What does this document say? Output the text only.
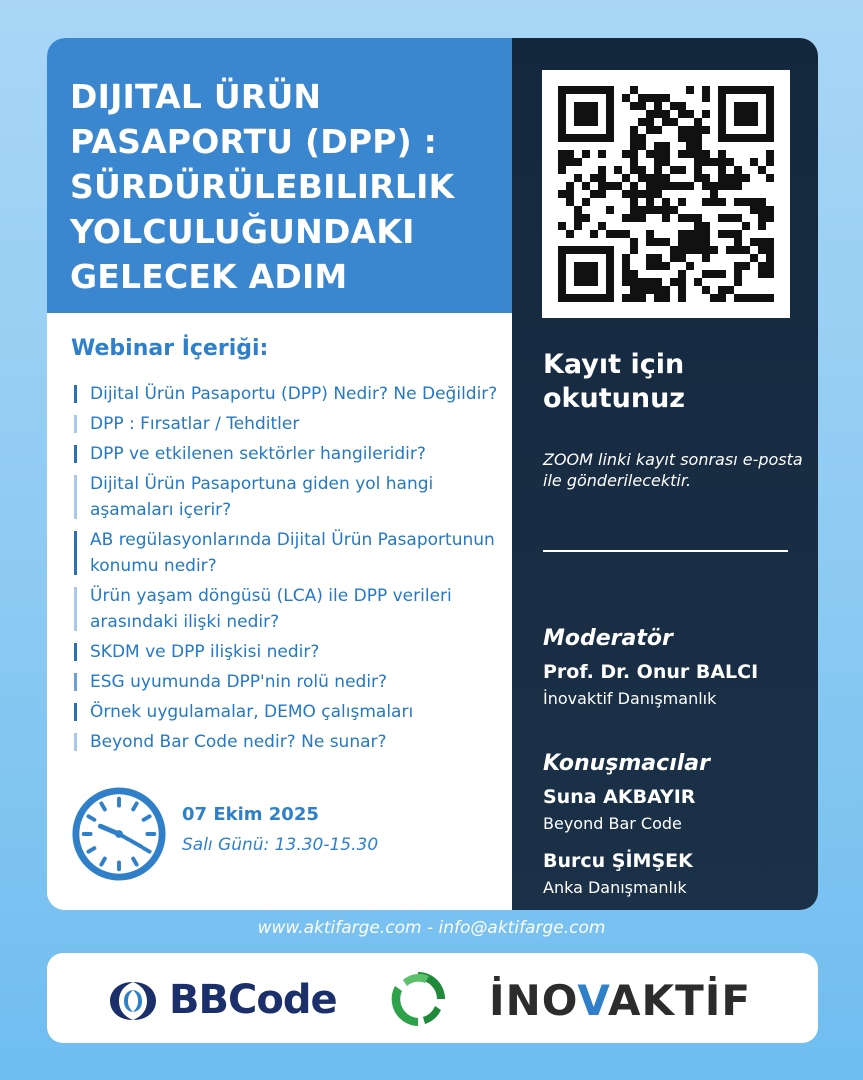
DIJITAL ÜRÜN
PASAPORTU (DPP) :
SÜRDÜRÜLEBILIRLIK
YOLCULUĞUNDAKI
GELECEK ADIM
Webinar İçeriği:
Dijital Ürün Pasaportu (DPP) Nedir? Ne Değildir?
DPP : Fırsatlar / Tehditler
DPP ve etkilenen sektörler hangileridir?
Dijital Ürün Pasaportuna giden yol hangi aşamaları içerir?
AB regülasyonlarında Dijital Ürün Pasaportunun konumu nedir?
Ürün yaşam döngüsü (LCA) ile DPP verileri arasındaki ilişki nedir?
SKDM ve DPP ilişkisi nedir?
ESG uyumunda DPP'nin rolü nedir?
Örnek uygulamalar, DEMO çalışmaları
Beyond Bar Code nedir? Ne sunar?

07 Ekim 2025

Salı Günü: 13.30-15.30

Kayıt için
okutunuz

ZOOM linki kayıt sonrası e-posta ile gönderilecektir.

Moderatör

Prof. Dr. Onur BALCI

İnovaktif Danışmanlık

Konuşmacılar

Suna AKBAYIR

Beyond Bar Code

Burcu ŞİMŞEK

Anka Danışmanlık

www.aktifarge.com - info@aktifarge.com

BBCode	İNOVAKTİF
